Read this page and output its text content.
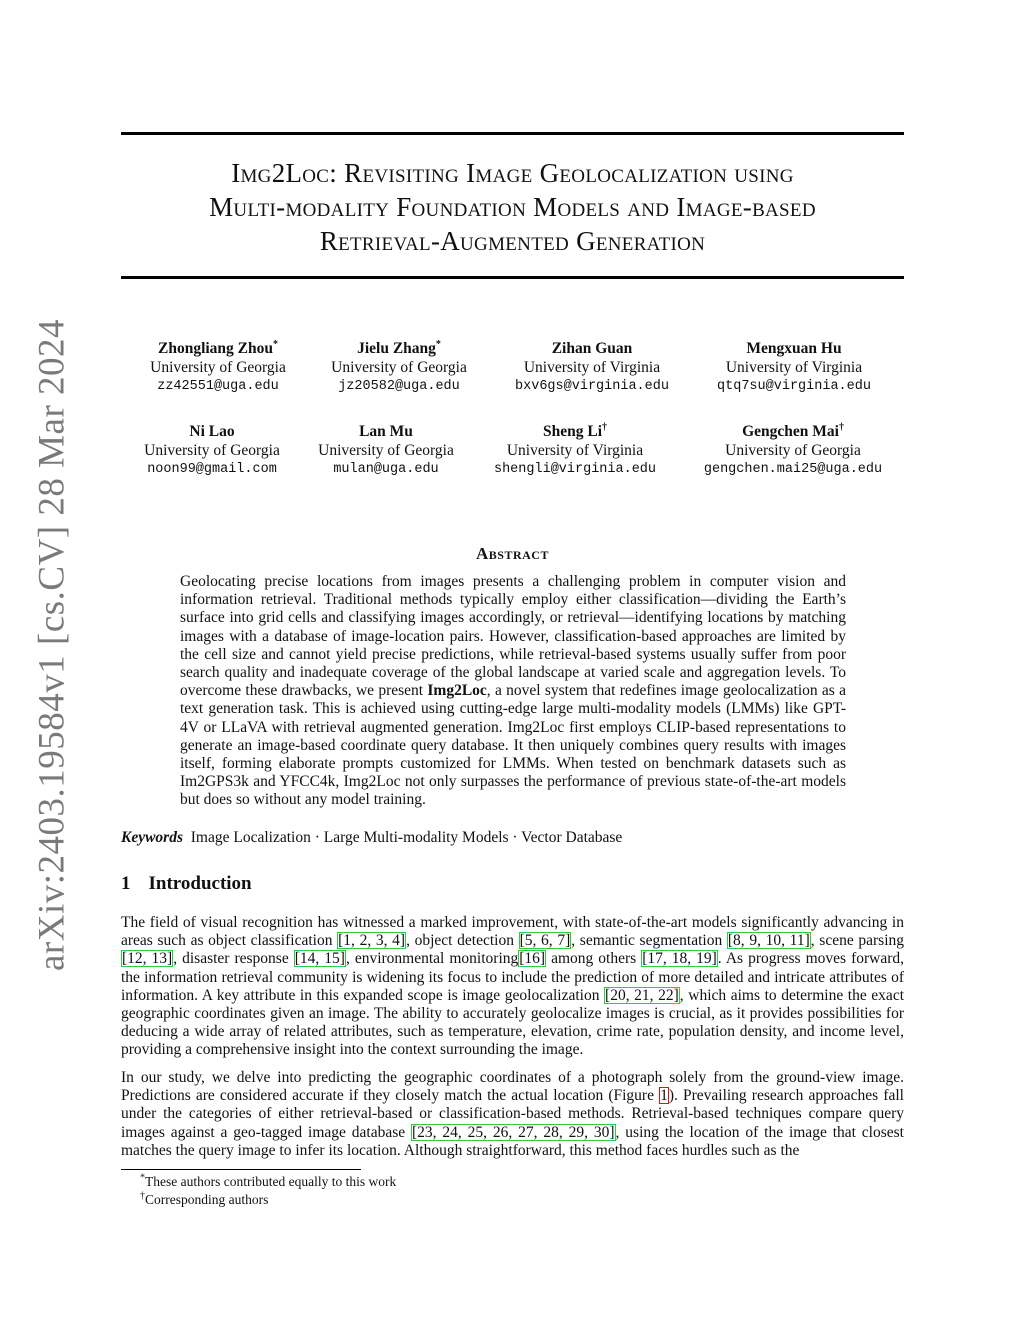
arXiv:2403.19584v1 [cs.CV] 28 Mar 2024
Img2Loc: Revisiting Image Geolocalization using
Multi-modality Foundation Models and Image-based
Retrieval-Augmented Generation
Zhongliang Zhou*
University of Georgia
zz42551@uga.edu
Jielu Zhang*
University of Georgia
jz20582@uga.edu
Zihan Guan
University of Virginia
bxv6gs@virginia.edu
Mengxuan Hu
University of Virginia
qtq7su@virginia.edu
Ni Lao
University of Georgia
noon99@gmail.com
Lan Mu
University of Georgia
mulan@uga.edu
Sheng Li†
University of Virginia
shengli@virginia.edu
Gengchen Mai†
University of Georgia
gengchen.mai25@uga.edu
Abstract
Geolocating precise locations from images presents a challenging problem in computer vision and information retrieval. Traditional methods typically employ either classification—dividing the Earth’s surface into grid cells and classifying images accordingly, or retrieval—identifying locations by matching images with a database of image-location pairs. However, classification-based approaches are limited by the cell size and cannot yield precise predictions, while retrieval-based systems usually suffer from poor search quality and inadequate coverage of the global landscape at varied scale and aggregation levels. To overcome these drawbacks, we present Img2Loc, a novel system that redefines image geolocalization as a text generation task. This is achieved using cutting-edge large multi-modality models (LMMs) like GPT-4V or LLaVA with retrieval augmented generation. Img2Loc first employs CLIP-based representations to generate an image-based coordinate query database. It then uniquely combines query results with images itself, forming elaborate prompts customized for LMMs. When tested on benchmark datasets such as Im2GPS3k and YFCC4k, Img2Loc not only surpasses the performance of previous state-of-the-art models but does so without any model training.
Keywords Image Localization · Large Multi-modality Models · Vector Database
1 Introduction
The field of visual recognition has witnessed a marked improvement, with state-of-the-art models significantly advancing in areas such as object classification [1, 2, 3, 4], object detection [5, 6, 7], semantic segmentation [8, 9, 10, 11], scene parsing [12, 13], disaster response [14, 15], environmental monitoring[16] among others [17, 18, 19]. As progress moves forward, the information retrieval community is widening its focus to include the prediction of more detailed and intricate attributes of information. A key attribute in this expanded scope is image geolocalization [20, 21, 22], which aims to determine the exact geographic coordinates given an image. The ability to accurately geolocalize images is crucial, as it provides possibilities for deducing a wide array of related attributes, such as temperature, elevation, crime rate, population density, and income level, providing a comprehensive insight into the context surrounding the image.
In our study, we delve into predicting the geographic coordinates of a photograph solely from the ground-view image. Predictions are considered accurate if they closely match the actual location (Figure 1). Prevailing research approaches fall under the categories of either retrieval-based or classification-based methods. Retrieval-based techniques compare query images against a geo-tagged image database [23, 24, 25, 26, 27, 28, 29, 30], using the location of the image that closest matches the query image to infer its location. Although straightforward, this method faces hurdles such as the
*These authors contributed equally to this work
†Corresponding authors
